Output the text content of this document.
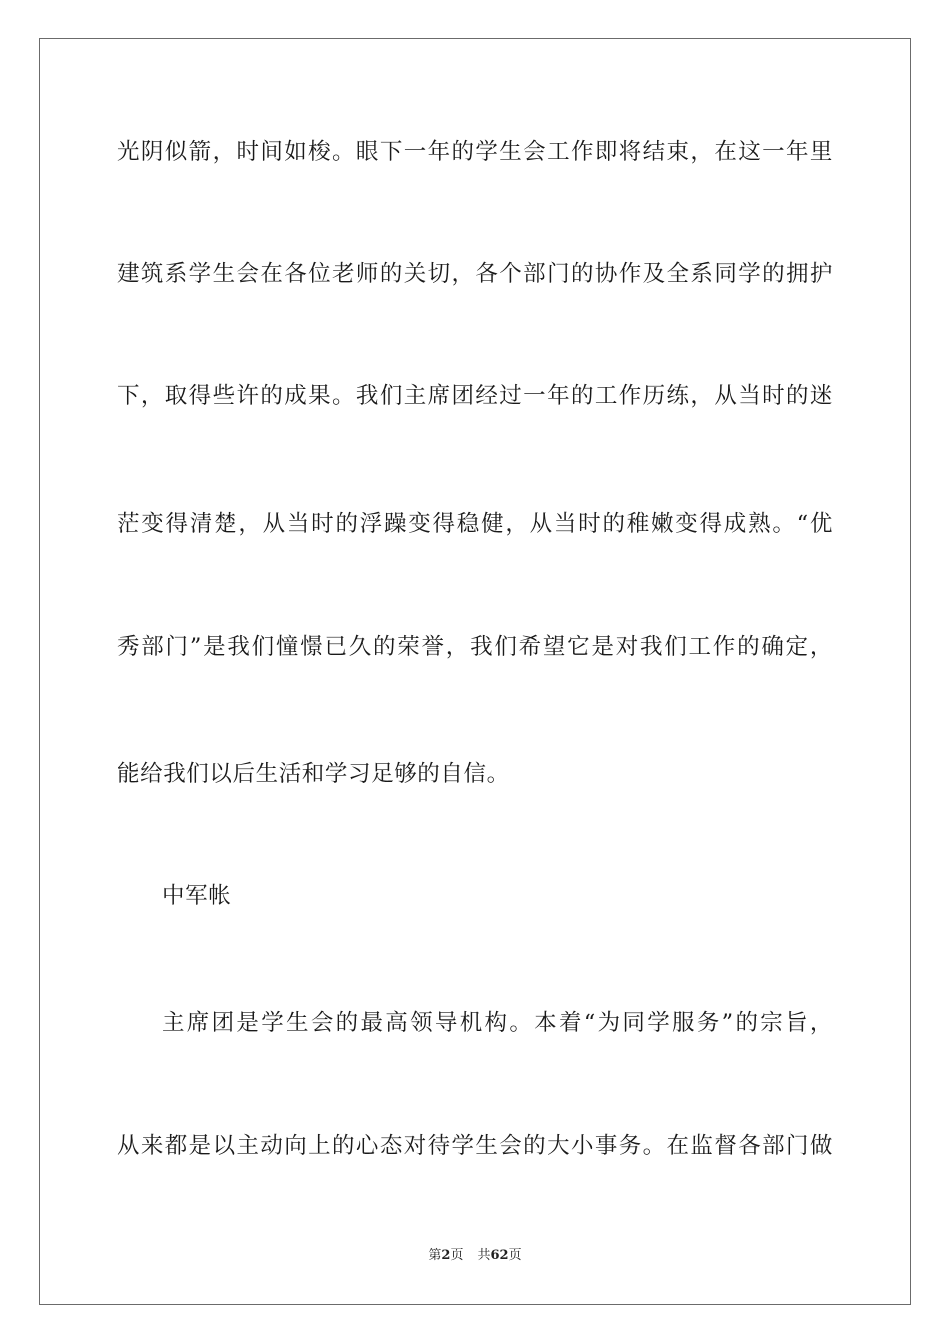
光阴似箭，时间如梭。眼下一年的学生会工作即将结束，在这一年里
建筑系学生会在各位老师的关切，各个部门的协作及全系同学的拥护
下，取得些许的成果。我们主席团经过一年的工作历练，从当时的迷
茫变得清楚，从当时的浮躁变得稳健，从当时的稚嫩变得成熟。“优
秀部门”是我们憧憬已久的荣誉，我们希望它是对我们工作的确定，
能给我们以后生活和学习足够的自信。
中军帐
主席团是学生会的最高领导机构。本着“为同学服务”的宗旨，
从来都是以主动向上的心态对待学生会的大小事务。在监督各部门做
第2页 共62页
